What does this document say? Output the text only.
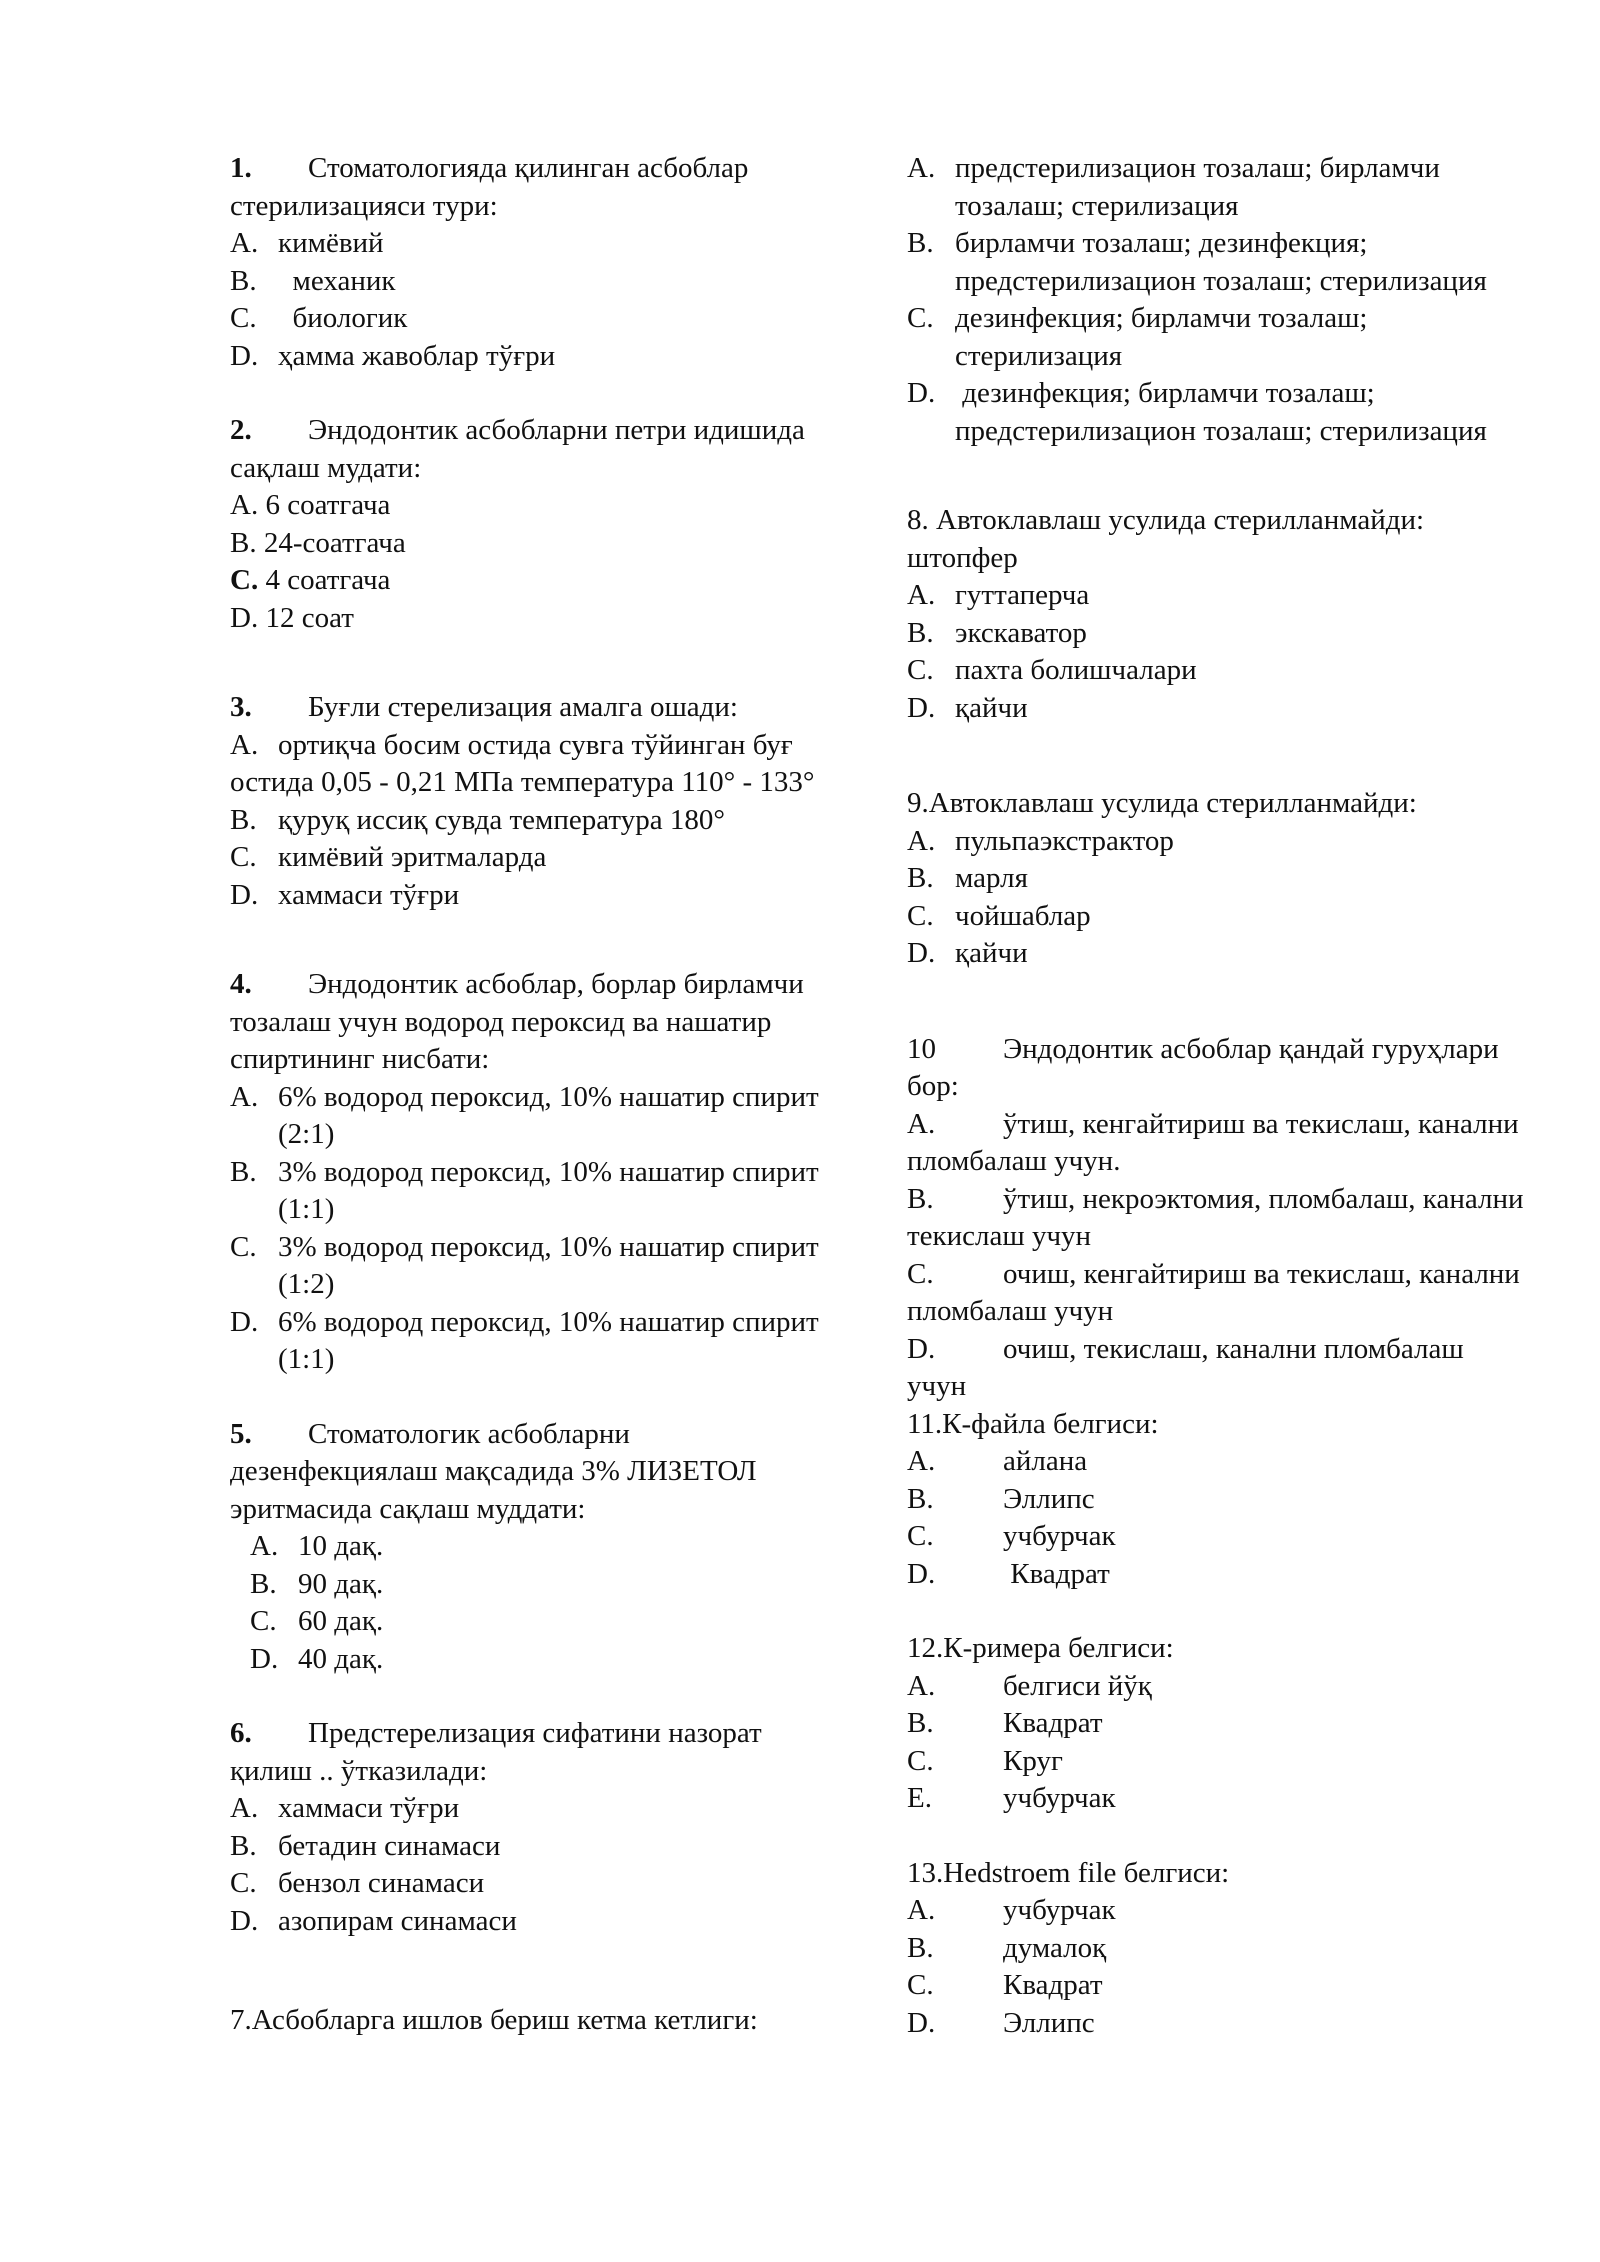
1. Стоматологияда қилинган асбоблар стерилизацияси тури:

A. кимёвий
B. механик
C. биологик
D. ҳамма жавоблар тўғри

2. Эндодонтик асбобларни петри идишида сақлаш мудати:

A. 6 соатгача
B. 24-соатгача
C. 4 соатгача
D. 12 соат

3. Буғли стерелизация амалга ошади:

A. ортиқча босим остида сувга тўйинган буғ остида 0,05 - 0,21 МПа температура 110° - 133°
B. қуруқ иссиқ сувда температура 180°
C. кимёвий эритмаларда
D. хаммаси тўғри

4. Эндодонтик асбоблар, борлар бирламчи тозалаш учун водород пероксид ва нашатир спиртининг нисбати:

A. 6% водород пероксид, 10% нашатир спирит (2:1)
B. 3% водород пероксид, 10% нашатир спирит (1:1)
C. 3% водород пероксид, 10% нашатир спирит (1:2)
D. 6% водород пероксид, 10% нашатир спирит (1:1)

5. Стоматологик асбобларни дезенфекциялаш мақсадида 3% ЛИЗЕТОЛ эритмасида сақлаш муддати:

A. 10 дақ.
B. 90 дақ.
C. 60 дақ.
D. 40 дақ.

6. Предстерелизация сифатини назорат қилиш .. ўтказилади:

A. хаммаси тўғри
B. бетадин синамаси
C. бензол синамаси
D. азопирам синамаси

7.Асбобларга ишлов бериш кетма кетлиги:

A. предстерилизацион тозалаш; бирламчи тозалаш; стерилизация
B. бирламчи тозалаш; дезинфекция; предстерилизацион тозалаш; стерилизация
C. дезинфекция; бирламчи тозалаш; стерилизация
D. дезинфекция; бирламчи тозалаш; предстерилизацион тозалаш; стерилизация

8. Автоклавлаш усулида стерилланмайди: штопфер

A. гуттаперча
B. экскаватор
C. пахта болишчалари
D. қайчи

9.Автоклавлаш усулида стерилланмайди:

A. пульпаэкстрактор
B. марля
C. чойшаблар
D. қайчи

10 Эндодонтик асбоблар қандай гуруҳлари бор:

A. ўтиш, кенгайтириш ва текислаш, канални пломбалаш учун.

B. ўтиш, некроэктомия, пломбалаш, канални текислаш учун

C. очиш, кенгайтириш ва текислаш, канални пломбалаш учун

D. очиш, текислаш, канални пломбалаш учун

11.К-файла белгиси:

A.	айлана
B.	Эллипс
C.	учбурчак
D.	Квадрат

12.К-римера белгиси:

A.	белгиси йўқ
B.	Квадрат
C.	Круг
E.	учбурчак

13.Hedstroem file белгиси:

A.	учбурчак
B.	думалоқ
C.	Квадрат
D.	Эллипс
